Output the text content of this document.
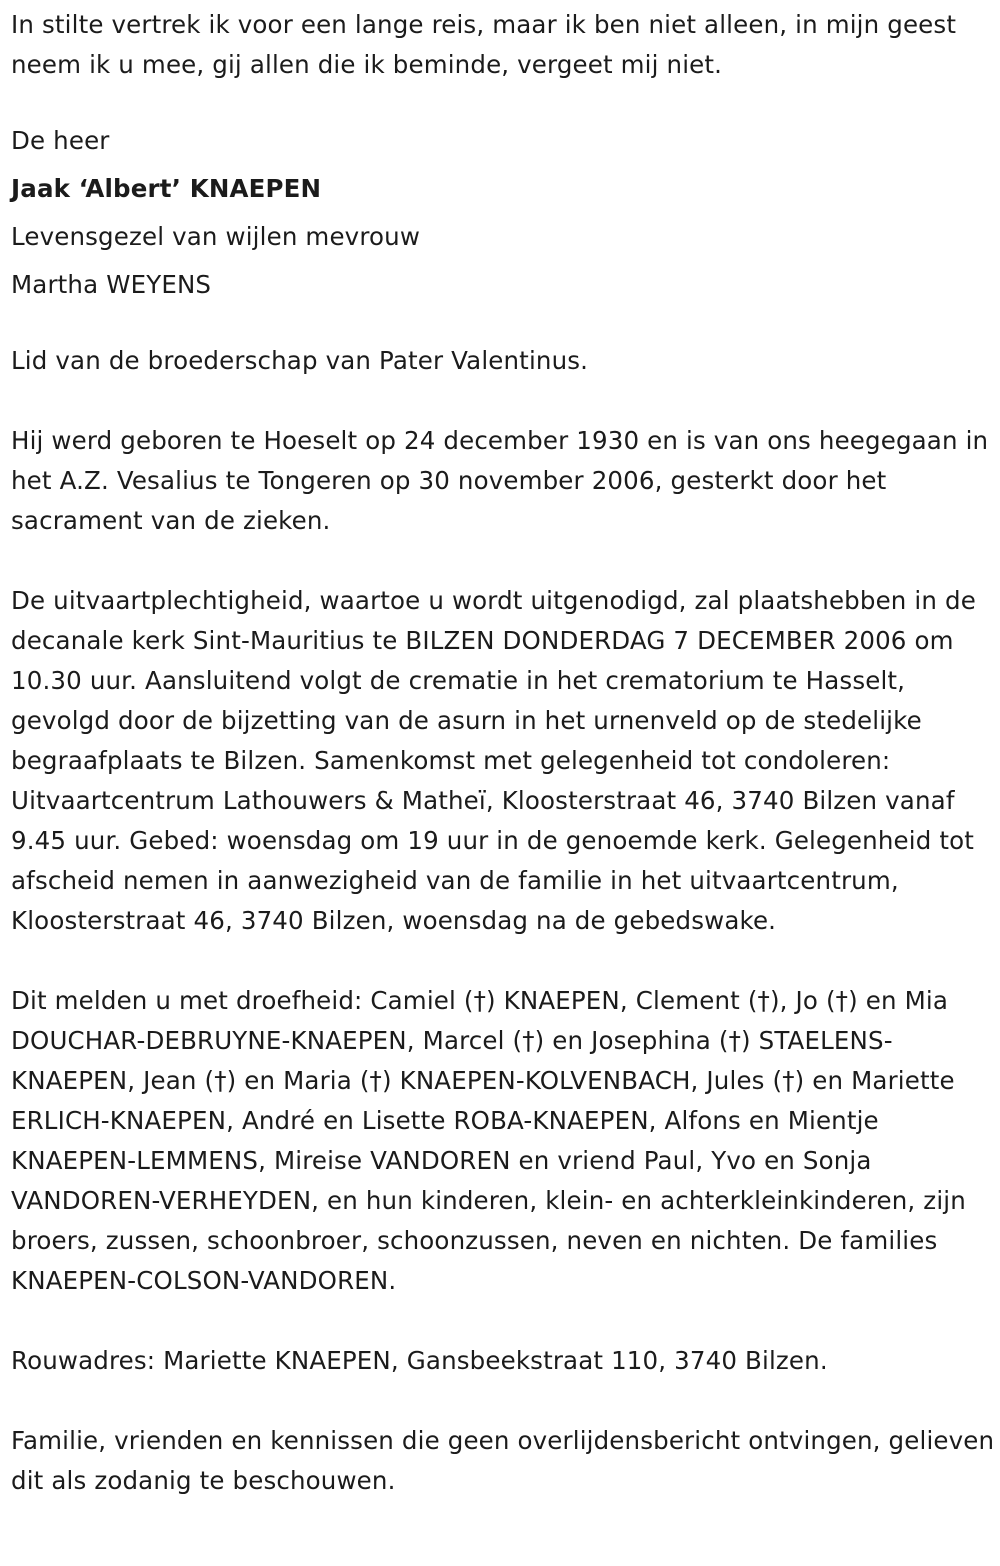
In stilte vertrek ik voor een lange reis, maar ik ben niet alleen, in mijn geest neem ik u mee, gij allen die ik beminde, vergeet mij niet.

De heer

Jaak ‘Albert’ KNAEPEN

Levensgezel van wijlen mevrouw

Martha WEYENS

Lid van de broederschap van Pater Valentinus.

Hij werd geboren te Hoeselt op 24 december 1930 en is van ons heegegaan in het A.Z. Vesalius te Tongeren op 30 november 2006, gesterkt door het sacrament van de zieken.

De uitvaartplechtigheid, waartoe u wordt uitgenodigd, zal plaatshebben in de decanale kerk Sint-Mauritius te BILZEN DONDERDAG 7 DECEMBER 2006 om 10.30 uur. Aansluitend volgt de crematie in het crematorium te Hasselt, gevolgd door de bijzetting van de asurn in het urnenveld op de stedelijke begraafplaats te Bilzen. Samenkomst met gelegenheid tot condoleren: Uitvaartcentrum Lathouwers & Matheï, Kloosterstraat 46, 3740 Bilzen vanaf 9.45 uur. Gebed: woensdag om 19 uur in de genoemde kerk. Gelegenheid tot afscheid nemen in aanwezigheid van de familie in het uitvaartcentrum, Kloosterstraat 46, 3740 Bilzen, woensdag na de gebedswake.

Dit melden u met droefheid: Camiel (†) KNAEPEN, Clement (†), Jo (†) en Mia DOUCHAR-DEBRUYNE-KNAEPEN, Marcel (†) en Josephina (†) STAELENS-KNAEPEN, Jean (†) en Maria (†) KNAEPEN-KOLVENBACH, Jules (†) en Mariette ERLICH-KNAEPEN, André en Lisette ROBA-KNAEPEN, Alfons en Mientje KNAEPEN-LEMMENS, Mireise VANDOREN en vriend Paul, Yvo en Sonja VANDOREN-VERHEYDEN, en hun kinderen, klein- en achterkleinkinderen, zijn broers, zussen, schoonbroer, schoonzussen, neven en nichten. De families KNAEPEN-COLSON-VANDOREN.

Rouwadres: Mariette KNAEPEN, Gansbeekstraat 110, 3740 Bilzen.

Familie, vrienden en kennissen die geen overlijdensbericht ontvingen, gelieven dit als zodanig te beschouwen.
